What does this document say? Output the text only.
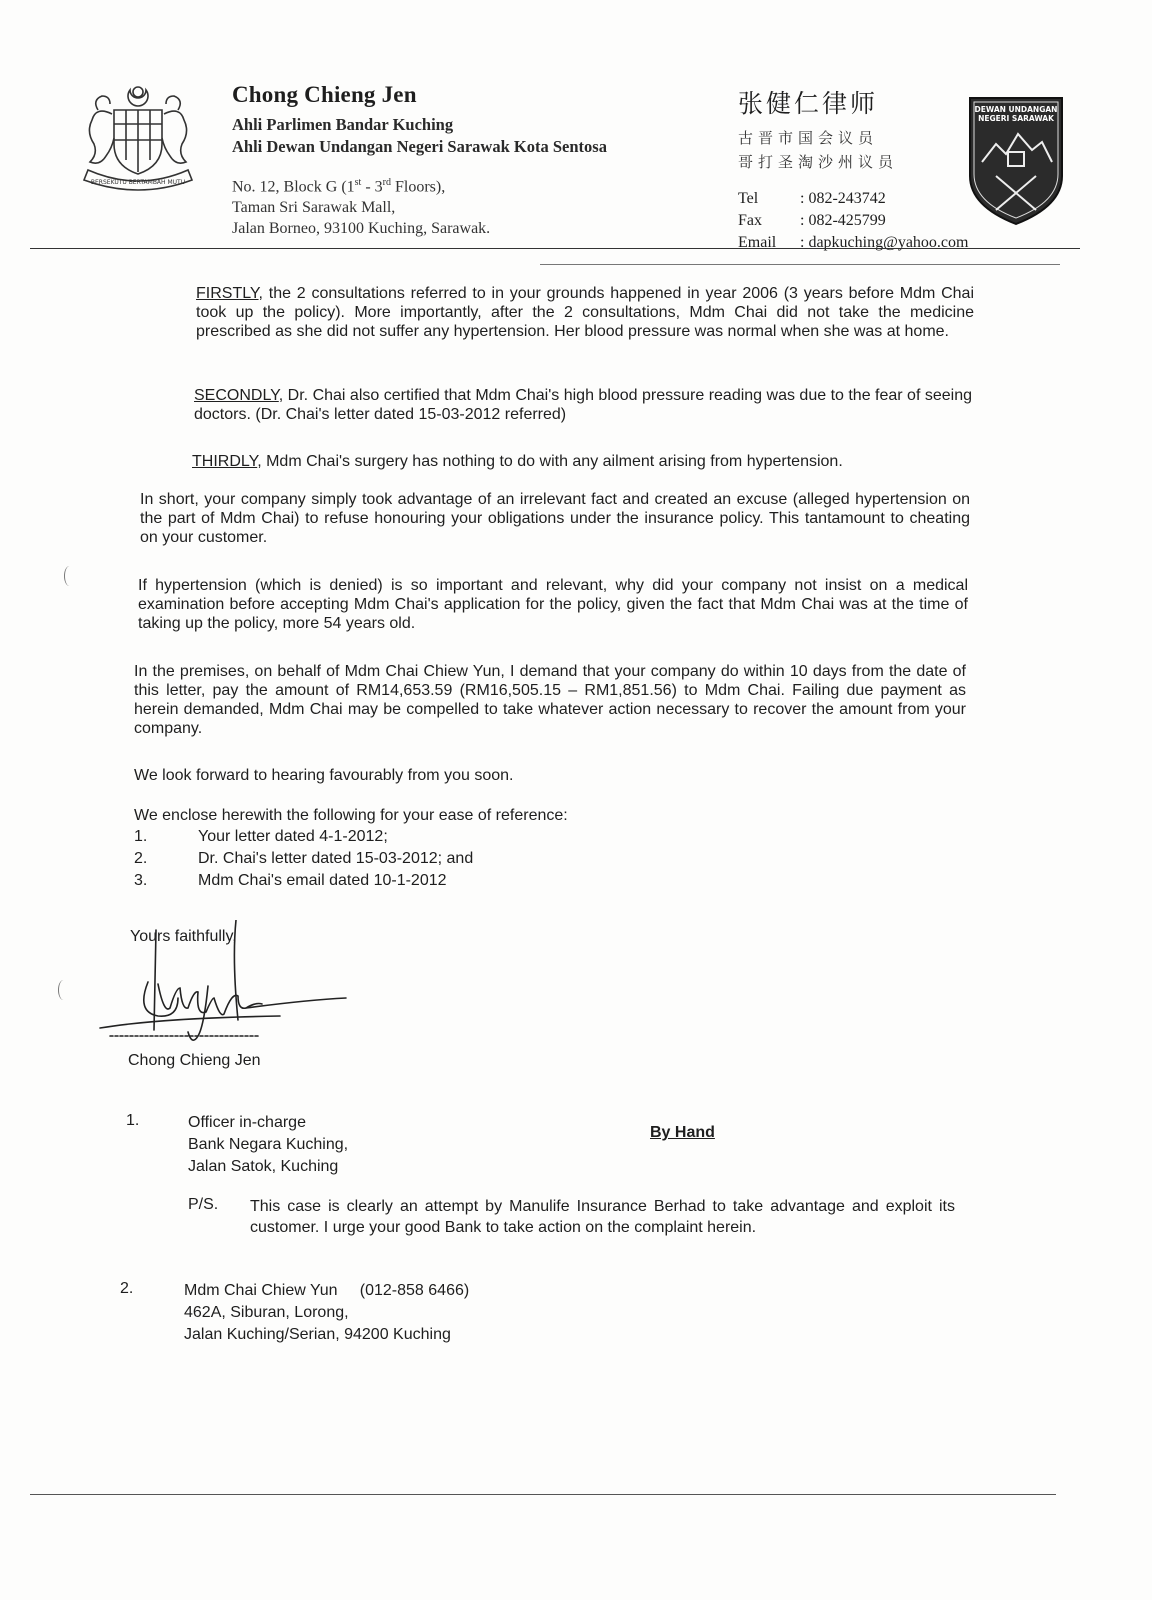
BERSEKUTU BERTAMBAH MUTU
Chong Chieng Jen
Ahli Parlimen Bandar Kuching
Ahli Dewan Undangan Negeri Sarawak Kota Sentosa
No. 12, Block G (1st - 3rd Floors),
Taman Sri Sarawak Mall,
Jalan Borneo, 93100 Kuching, Sarawak.
张健仁律师
古晋市国会议员
哥打圣淘沙州议员
Tel	: 082-243742
Fax	: 082-425799
Email	: dapkuching@yahoo.com
DEWAN UNDANGAN
NEGERI SARAWAK

FIRSTLY, the 2 consultations referred to in your grounds happened in year 2006 (3 years before Mdm Chai took up the policy). More importantly, after the 2 consultations, Mdm Chai did not take the medicine prescribed as she did not suffer any hypertension. Her blood pressure was normal when she was at home.

SECONDLY, Dr. Chai also certified that Mdm Chai's high blood pressure reading was due to the fear of seeing doctors. (Dr. Chai's letter dated 15-03-2012 referred)

THIRDLY, Mdm Chai's surgery has nothing to do with any ailment arising from hypertension.

In short, your company simply took advantage of an irrelevant fact and created an excuse (alleged hypertension on the part of Mdm Chai) to refuse honouring your obligations under the insurance policy. This tantamount to cheating on your customer.

If hypertension (which is denied) is so important and relevant, why did your company not insist on a medical examination before accepting Mdm Chai's application for the policy, given the fact that Mdm Chai was at the time of taking up the policy, more 54 years old.

In the premises, on behalf of Mdm Chai Chiew Yun, I demand that your company do within 10 days from the date of this letter, pay the amount of RM14,653.59 (RM16,505.15 – RM1,851.56) to Mdm Chai. Failing due payment as herein demanded, Mdm Chai may be compelled to take whatever action necessary to recover the amount from your company.

We look forward to hearing favourably from you soon.

We enclose herewith the following for your ease of reference:

1.	Your letter dated 4-1-2012;
2.	Dr. Chai's letter dated 15-03-2012; and
3.	Mdm Chai's email dated 10-1-2012
Yours faithfully,
Chong Chieng Jen
1.	Officer in-charge
Bank Negara Kuching,
Jalan Satok, Kuching
By Hand
P/S. This case is clearly an attempt by Manulife Insurance Berhad to take advantage and exploit its customer. I urge your good Bank to take action on the complaint herein.
2.	Mdm Chai Chiew Yun     (012-858 6466)
462A, Siburan, Lorong,
Jalan Kuching/Serian, 94200 Kuching
